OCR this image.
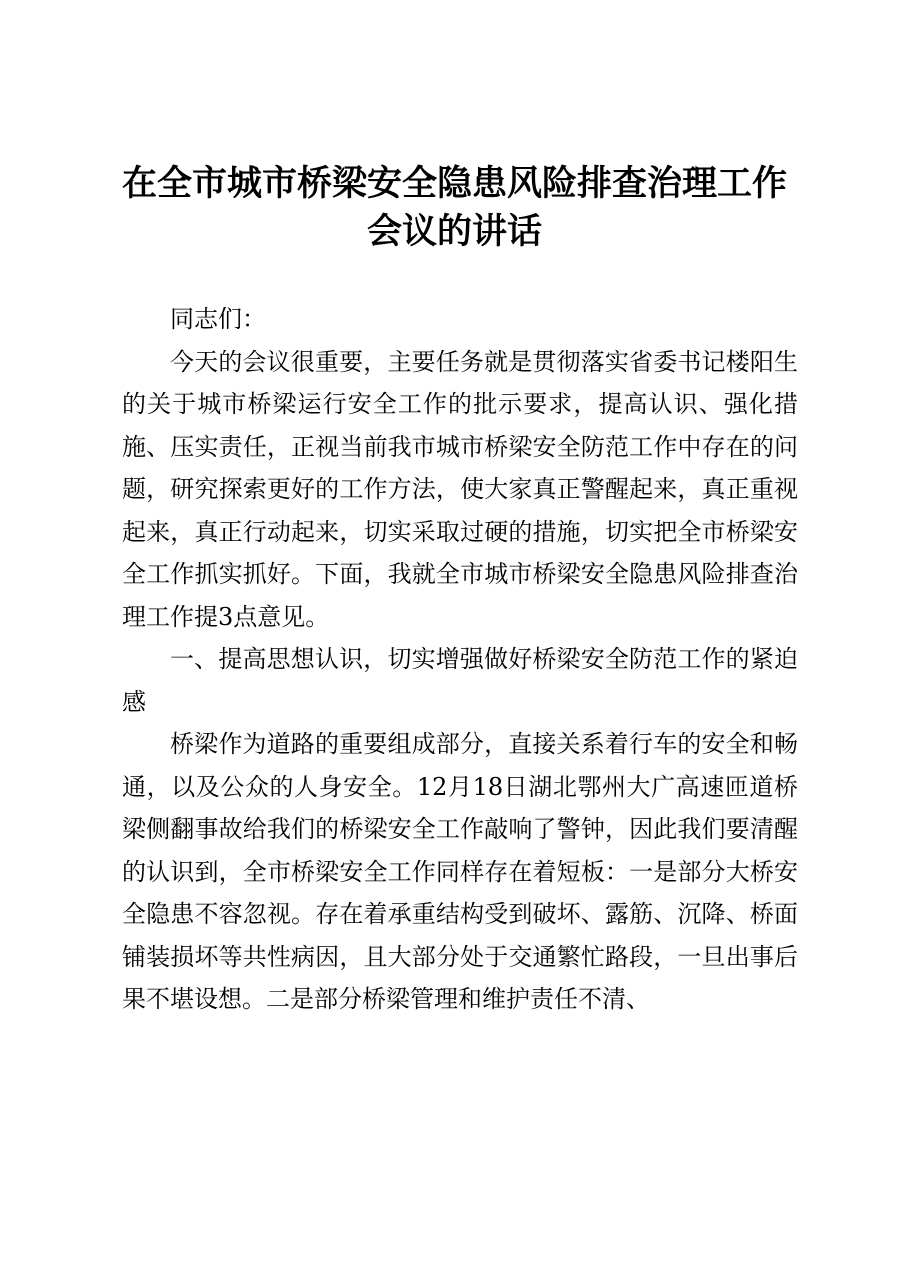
在全市城市桥梁安全隐患风险排查治理工作会议的讲话

同志们：

今天的会议很重要，主要任务就是贯彻落实省委书记楼阳生的关于城市桥梁运行安全工作的批示要求，提高认识、强化措施、压实责任，正视当前我市城市桥梁安全防范工作中存在的问题，研究探索更好的工作方法，使大家真正警醒起来，真正重视起来，真正行动起来，切实采取过硬的措施，切实把全市桥梁安全工作抓实抓好。下面，我就全市城市桥梁安全隐患风险排查治理工作提3点意见。

一、提高思想认识，切实增强做好桥梁安全防范工作的紧迫感

桥梁作为道路的重要组成部分，直接关系着行车的安全和畅通，以及公众的人身安全。12月18日湖北鄂州大广高速匝道桥梁侧翻事故给我们的桥梁安全工作敲响了警钟，因此我们要清醒的认识到，全市桥梁安全工作同样存在着短板：一是部分大桥安全隐患不容忽视。存在着承重结构受到破坏、露筋、沉降、桥面铺装损坏等共性病因，且大部分处于交通繁忙路段，一旦出事后果不堪设想。二是部分桥梁管理和维护责任不清、
